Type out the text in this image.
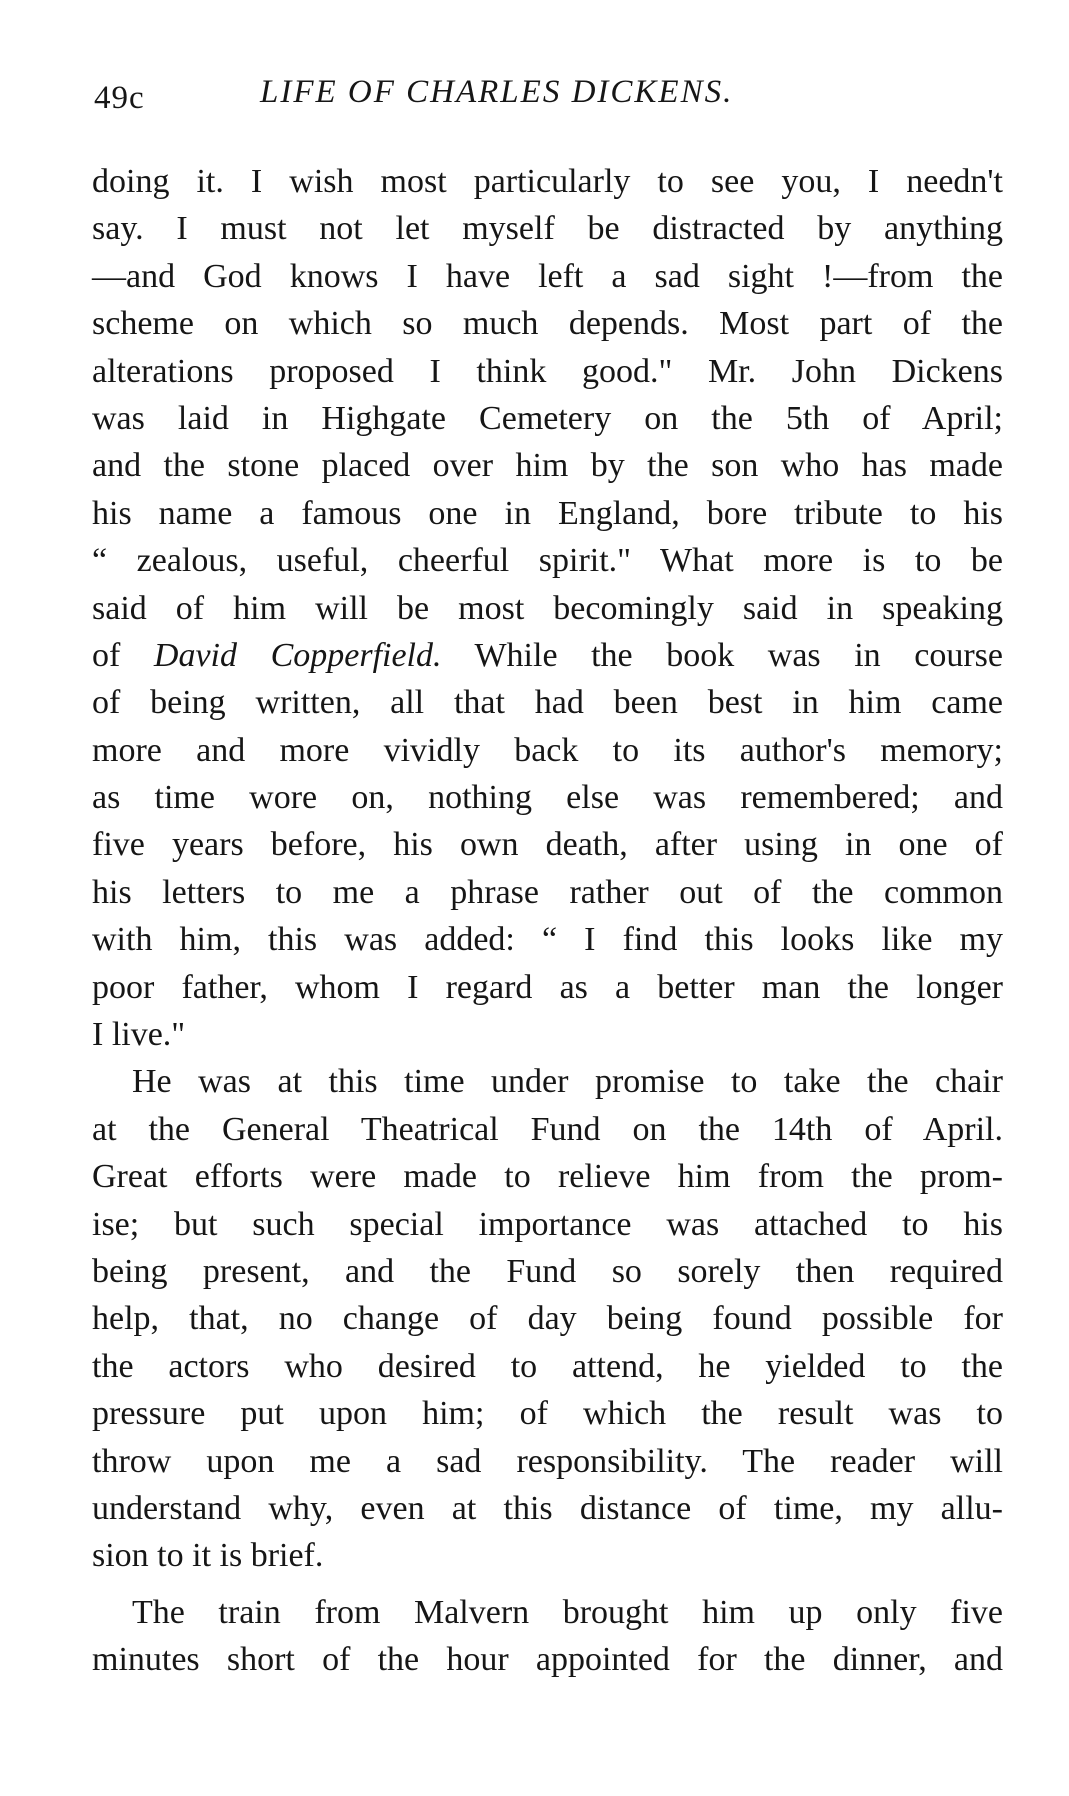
49c	LIFE OF CHARLES DICKENS.
doing it. I wish most particularly to see you, I needn't
say. I must not let myself be distracted by anything
—and God knows I have left a sad sight !—from the
scheme on which so much depends. Most part of the
alterations proposed I think good." Mr. John Dickens
was laid in Highgate Cemetery on the 5th of April;
and the stone placed over him by the son who has made
his name a famous one in England, bore tribute to his
“ zealous, useful, cheerful spirit." What more is to be
said of him will be most becomingly said in speaking
of David Copperfield. While the book was in course
of being written, all that had been best in him came
more and more vividly back to its author's memory;
as time wore on, nothing else was remembered; and
five years before, his own death, after using in one of
his letters to me a phrase rather out of the common
with him, this was added: “ I find this looks like my
poor father, whom I regard as a better man the longer
I live."
He was at this time under promise to take the chair
at the General Theatrical Fund on the 14th of April.
Great efforts were made to relieve him from the prom-
ise; but such special importance was attached to his
being present, and the Fund so sorely then required
help, that, no change of day being found possible for
the actors who desired to attend, he yielded to the
pressure put upon him; of which the result was to
throw upon me a sad responsibility. The reader will
understand why, even at this distance of time, my allu-
sion to it is brief.
The train from Malvern brought him up only five
minutes short of the hour appointed for the dinner, and
